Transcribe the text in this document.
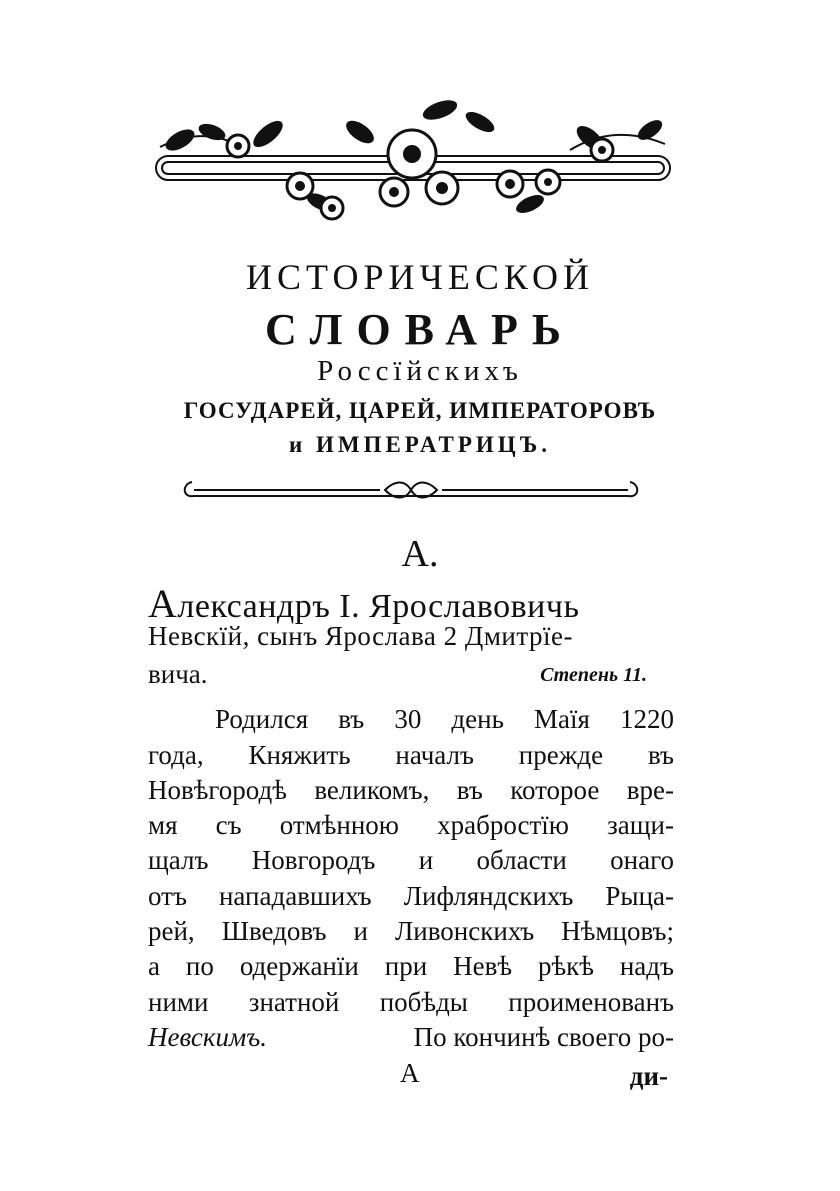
ИСТОРИЧЕСКОЙ
СЛОВАРЬ
Россïйскихъ
ГОСУДАРЕЙ, ЦАРЕЙ, ИМПЕРАТОРОВЪ
и ИМПЕРАТРИЦЪ.
А.
Александръ I. Ярославовичь
Невскïй, сынъ Ярослава 2 Дмитрïе-
вича.	Степень 11.
Родился въ 30 день Маïя 1220
года, Княжить началъ прежде въ
Новѣгородѣ великомъ, въ которое вре-
мя съ отмѣнною храбростïю защи-
щалъ Новгородъ и области онаго
отъ нападавшихъ Лифляндскихъ Рыца-
рей, Шведовъ и Ливонскихъ Нѣмцовъ;
а по одержанïи при Невѣ рѣкѣ надъ
ними знатной побѣды проименованъ
Невскимъ.	По кончинѣ своего ро-
А	ди-
